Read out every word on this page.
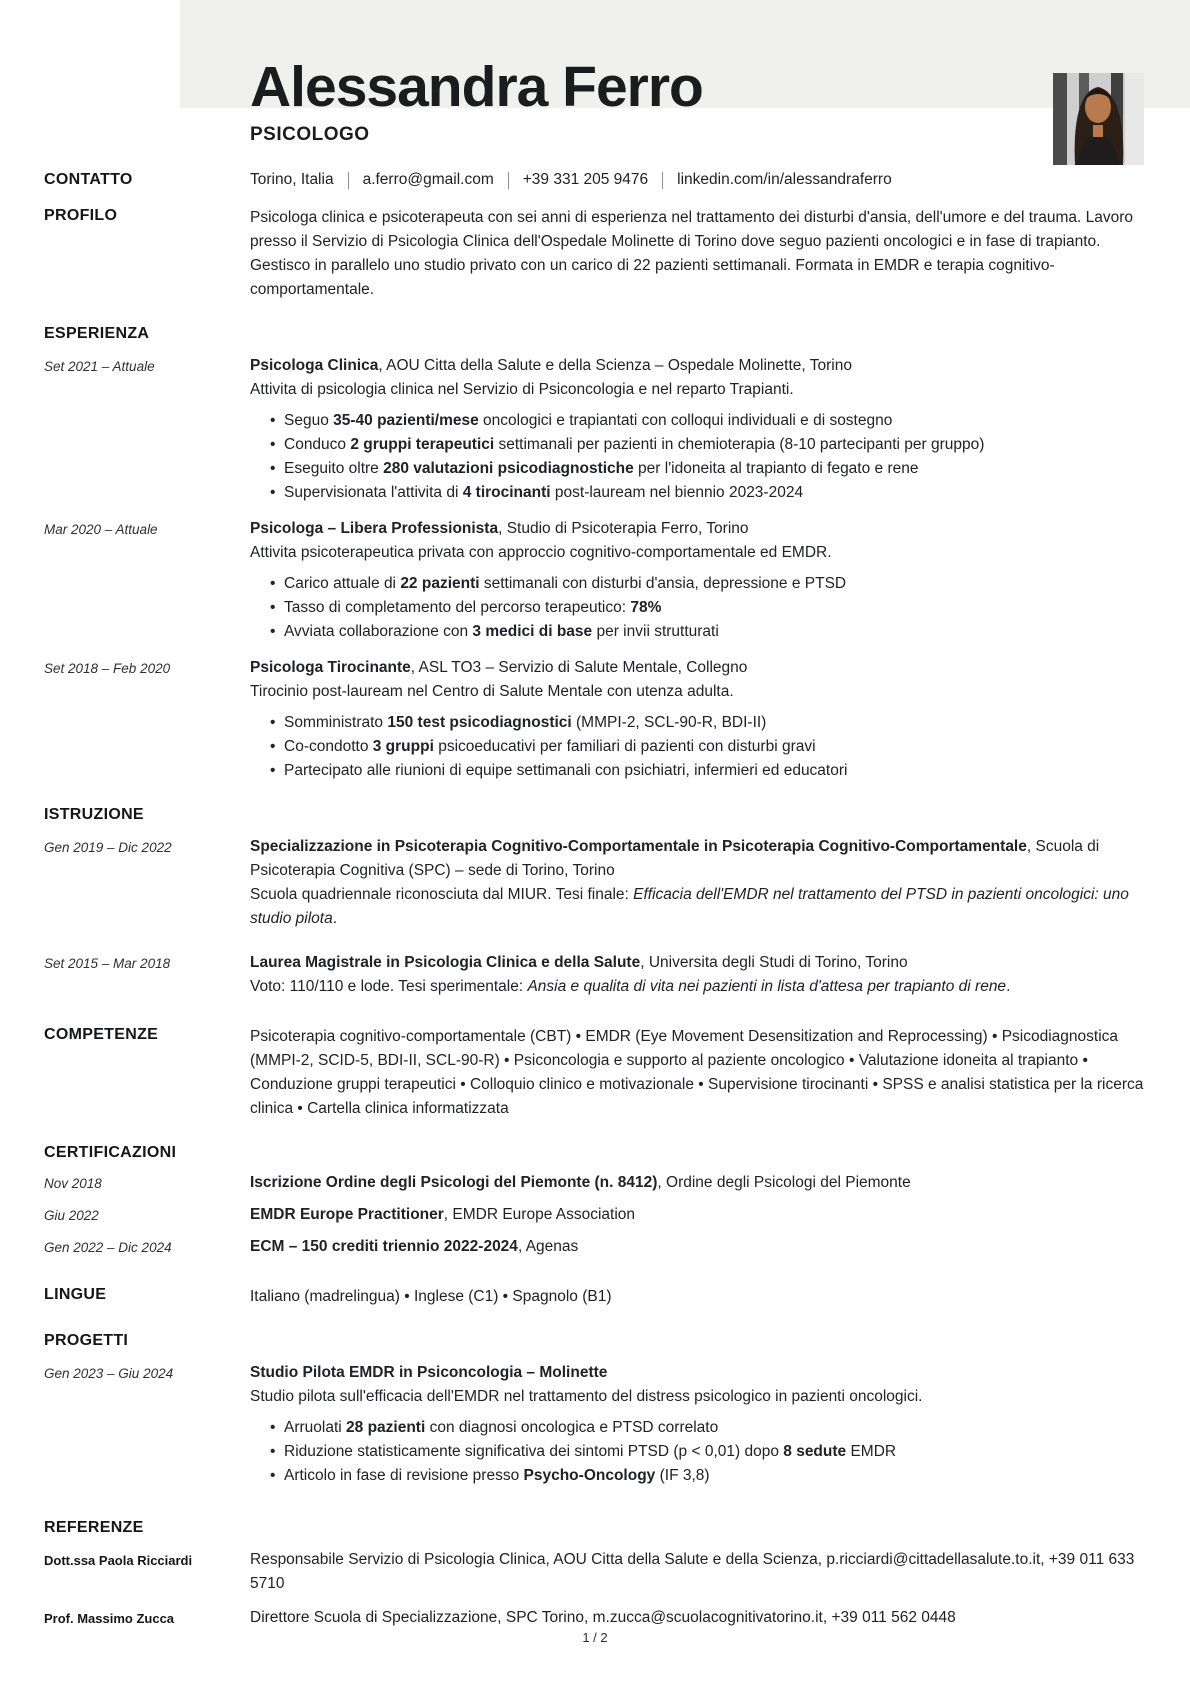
Alessandra Ferro
PSICOLOGO
CONTATTO	Torino, Italia a.ferro@gmail.com +39 331 205 9476 linkedin.com/in/alessandraferro
PROFILO	Psicologa clinica e psicoterapeuta con sei anni di esperienza nel trattamento dei disturbi d'ansia, dell'umore e del trauma. Lavoro presso il Servizio di Psicologia Clinica dell'Ospedale Molinette di Torino dove seguo pazienti oncologici e in fase di trapianto. Gestisco in parallelo uno studio privato con un carico di 22 pazienti settimanali. Formata in EMDR e terapia cognitivo-comportamentale.

ESPERIENZA
Set 2021 – Attuale	Psicologa Clinica, AOU Citta della Salute e della Scienza – Ospedale Molinette, Torino
Attivita di psicologia clinica nel Servizio di Psiconcologia e nel reparto Trapianti.
• Seguo 35-40 pazienti/mese oncologici e trapiantati con colloqui individuali e di sostegno
• Conduco 2 gruppi terapeutici settimanali per pazienti in chemioterapia (8-10 partecipanti per gruppo)
• Eseguito oltre 280 valutazioni psicodiagnostiche per l'idoneita al trapianto di fegato e rene
• Supervisionata l'attivita di 4 tirocinanti post-lauream nel biennio 2023-2024
Mar 2020 – Attuale	Psicologa – Libera Professionista, Studio di Psicoterapia Ferro, Torino
Attivita psicoterapeutica privata con approccio cognitivo-comportamentale ed EMDR.
• Carico attuale di 22 pazienti settimanali con disturbi d'ansia, depressione e PTSD
• Tasso di completamento del percorso terapeutico: 78%
• Avviata collaborazione con 3 medici di base per invii strutturati
Set 2018 – Feb 2020	Psicologa Tirocinante, ASL TO3 – Servizio di Salute Mentale, Collegno
Tirocinio post-lauream nel Centro di Salute Mentale con utenza adulta.
• Somministrato 150 test psicodiagnostici (MMPI-2, SCL-90-R, BDI-II)
• Co-condotto 3 gruppi psicoeducativi per familiari di pazienti con disturbi gravi
• Partecipato alle riunioni di equipe settimanali con psichiatri, infermieri ed educatori
ISTRUZIONE
Gen 2019 – Dic 2022	Specializzazione in Psicoterapia Cognitivo-Comportamentale in Psicoterapia Cognitivo-Comportamentale, Scuola di Psicoterapia Cognitiva (SPC) – sede di Torino, Torino
Scuola quadriennale riconosciuta dal MIUR. Tesi finale: Efficacia dell'EMDR nel trattamento del PTSD in pazienti oncologici: uno studio pilota.
Set 2015 – Mar 2018	Laurea Magistrale in Psicologia Clinica e della Salute, Universita degli Studi di Torino, Torino
Voto: 110/110 e lode. Tesi sperimentale: Ansia e qualita di vita nei pazienti in lista d'attesa per trapianto di rene.
COMPETENZE	Psicoterapia cognitivo-comportamentale (CBT) • EMDR (Eye Movement Desensitization and Reprocessing) • Psicodiagnostica (MMPI-2, SCID-5, BDI-II, SCL-90-R) • Psiconcologia e supporto al paziente oncologico • Valutazione idoneita al trapianto • Conduzione gruppi terapeutici • Colloquio clinico e motivazionale • Supervisione tirocinanti • SPSS e analisi statistica per la ricerca clinica • Cartella clinica informatizzata

CERTIFICAZIONI
Nov 2018	Iscrizione Ordine degli Psicologi del Piemonte (n. 8412), Ordine degli Psicologi del Piemonte
Giu 2022	EMDR Europe Practitioner, EMDR Europe Association
Gen 2022 – Dic 2024	ECM – 150 crediti triennio 2022-2024, Agenas
LINGUE	Italiano (madrelingua) • Inglese (C1) • Spagnolo (B1)

PROGETTI
Gen 2023 – Giu 2024	Studio Pilota EMDR in Psiconcologia – Molinette
Studio pilota sull'efficacia dell'EMDR nel trattamento del distress psicologico in pazienti oncologici.
• Arruolati 28 pazienti con diagnosi oncologica e PTSD correlato
• Riduzione statisticamente significativa dei sintomi PTSD (p < 0,01) dopo 8 sedute EMDR
• Articolo in fase di revisione presso Psycho-Oncology (IF 3,8)
REFERENZE
Dott.ssa Paola Ricciardi	Responsabile Servizio di Psicologia Clinica, AOU Citta della Salute e della Scienza, p.ricciardi@cittadellasalute.to.it, +39 011 633 5710

Prof. Massimo Zucca	Direttore Scuola di Specializzazione, SPC Torino, m.zucca@scuolacognitivatorino.it, +39 011 562 0448

1 / 2
